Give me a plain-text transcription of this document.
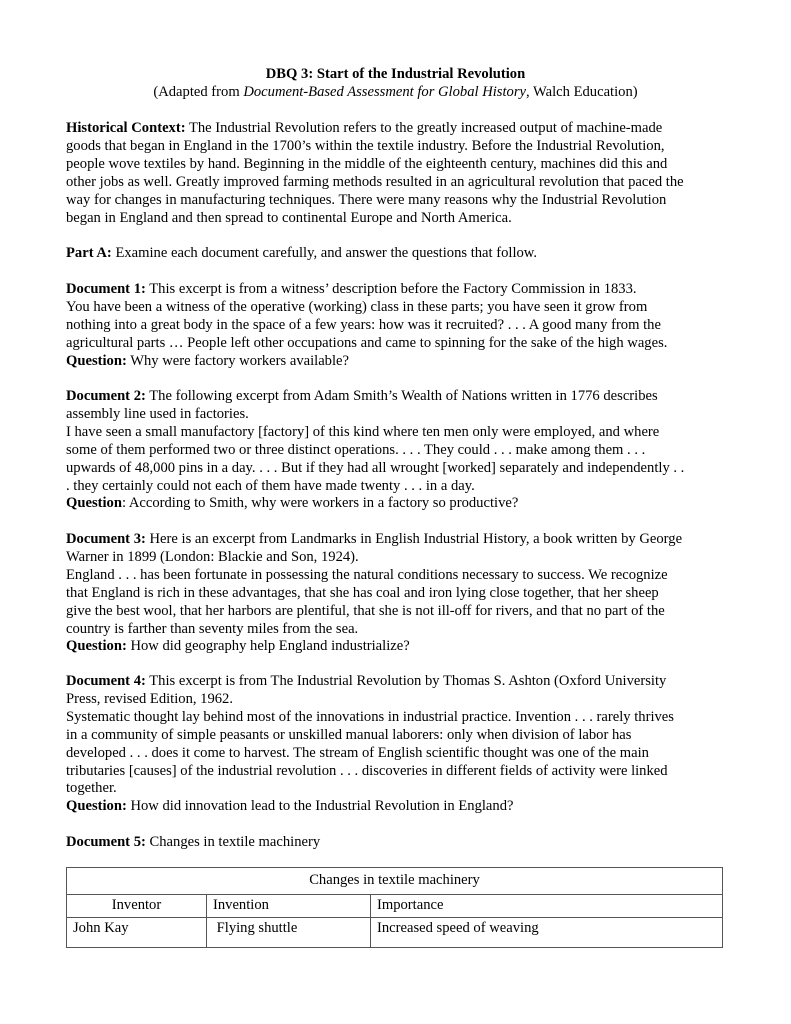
DBQ 3: Start of the Industrial Revolution
(Adapted from Document-Based Assessment for Global History, Walch Education)
Historical Context: The Industrial Revolution refers to the greatly increased output of machine-made
goods that began in England in the 1700’s within the textile industry. Before the Industrial Revolution,
people wove textiles by hand. Beginning in the middle of the eighteenth century, machines did this and
other jobs as well. Greatly improved farming methods resulted in an agricultural revolution that paced the
way for changes in manufacturing techniques. There were many reasons why the Industrial Revolution
began in England and then spread to continental Europe and North America.
Part A: Examine each document carefully, and answer the questions that follow.
Document 1: This excerpt is from a witness’ description before the Factory Commission in 1833.
You have been a witness of the operative (working) class in these parts; you have seen it grow from
nothing into a great body in the space of a few years: how was it recruited? . . . A good many from the
agricultural parts … People left other occupations and came to spinning for the sake of the high wages.
Question: Why were factory workers available?
Document 2: The following excerpt from Adam Smith’s Wealth of Nations written in 1776 describes
assembly line used in factories.
I have seen a small manufactory [factory] of this kind where ten men only were employed, and where
some of them performed two or three distinct operations. . . . They could . . . make among them . . .
upwards of 48,000 pins in a day. . . . But if they had all wrought [worked] separately and independently . .
. they certainly could not each of them have made twenty . . . in a day.
Question: According to Smith, why were workers in a factory so productive?
Document 3: Here is an excerpt from Landmarks in English Industrial History, a book written by George
Warner in 1899 (London: Blackie and Son, 1924).
England . . . has been fortunate in possessing the natural conditions necessary to success. We recognize
that England is rich in these advantages, that she has coal and iron lying close together, that her sheep
give the best wool, that her harbors are plentiful, that she is not ill-off for rivers, and that no part of the
country is farther than seventy miles from the sea.
Question: How did geography help England industrialize?
Document 4: This excerpt is from The Industrial Revolution by Thomas S. Ashton (Oxford University
Press, revised Edition, 1962.
Systematic thought lay behind most of the innovations in industrial practice. Invention . . . rarely thrives
in a community of simple peasants or unskilled manual laborers: only when division of labor has
developed . . . does it come to harvest. The stream of English scientific thought was one of the main
tributaries [causes] of the industrial revolution . . . discoveries in different fields of activity were linked
together.
Question: How did innovation lead to the Industrial Revolution in England?
Document 5: Changes in textile machinery
Changes in textile machinery		
Inventor	Invention	Importance
John Kay	Flying shuttle	Increased speed of weaving
